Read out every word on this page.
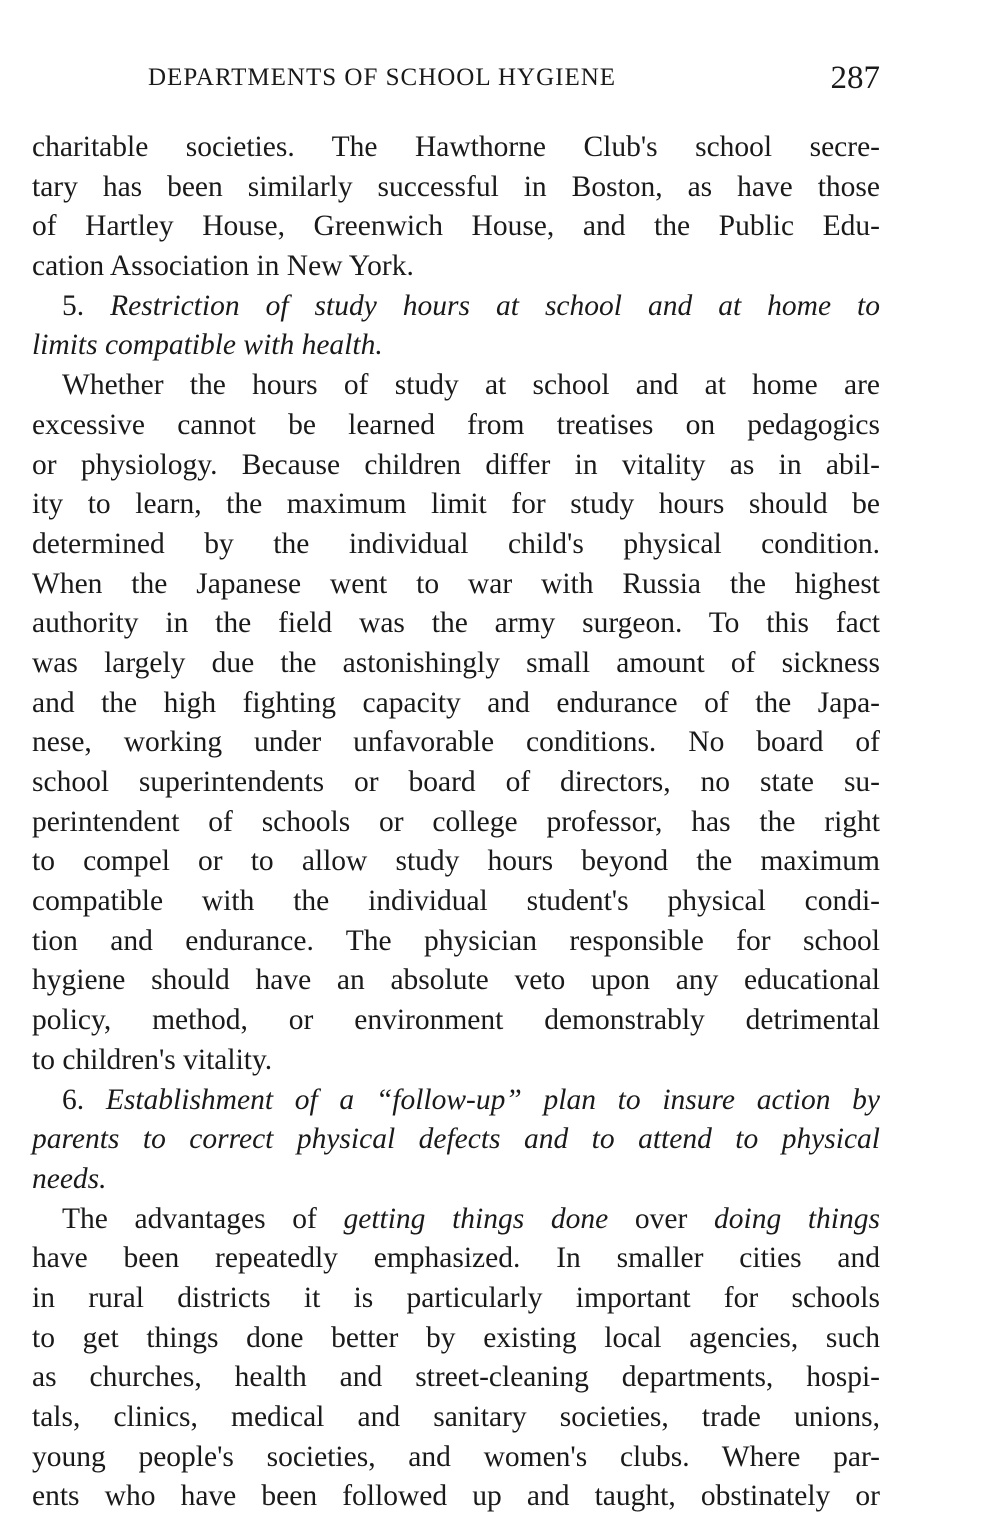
DEPARTMENTS OF SCHOOL HYGIENE	287
charitable societies. The Hawthorne Club's school secre-
tary has been similarly successful in Boston, as have those
of Hartley House, Greenwich House, and the Public Edu-
cation Association in New York.
5. Restriction of study hours at school and at home to
limits compatible with health.
Whether the hours of study at school and at home are
excessive cannot be learned from treatises on pedagogics
or physiology. Because children differ in vitality as in abil-
ity to learn, the maximum limit for study hours should be
determined by the individual child's physical condition.
When the Japanese went to war with Russia the highest
authority in the field was the army surgeon. To this fact
was largely due the astonishingly small amount of sickness
and the high fighting capacity and endurance of the Japa-
nese, working under unfavorable conditions. No board of
school superintendents or board of directors, no state su-
perintendent of schools or college professor, has the right
to compel or to allow study hours beyond the maximum
compatible with the individual student's physical condi-
tion and endurance. The physician responsible for school
hygiene should have an absolute veto upon any educational
policy, method, or environment demonstrably detrimental
to children's vitality.
6. Establishment of a “follow-up” plan to insure action by
parents to correct physical defects and to attend to physical
needs.
The advantages of getting things done over doing things
have been repeatedly emphasized. In smaller cities and
in rural districts it is particularly important for schools
to get things done better by existing local agencies, such
as churches, health and street-cleaning departments, hospi-
tals, clinics, medical and sanitary societies, trade unions,
young people's societies, and women's clubs. Where par-
ents who have been followed up and taught, obstinately or
